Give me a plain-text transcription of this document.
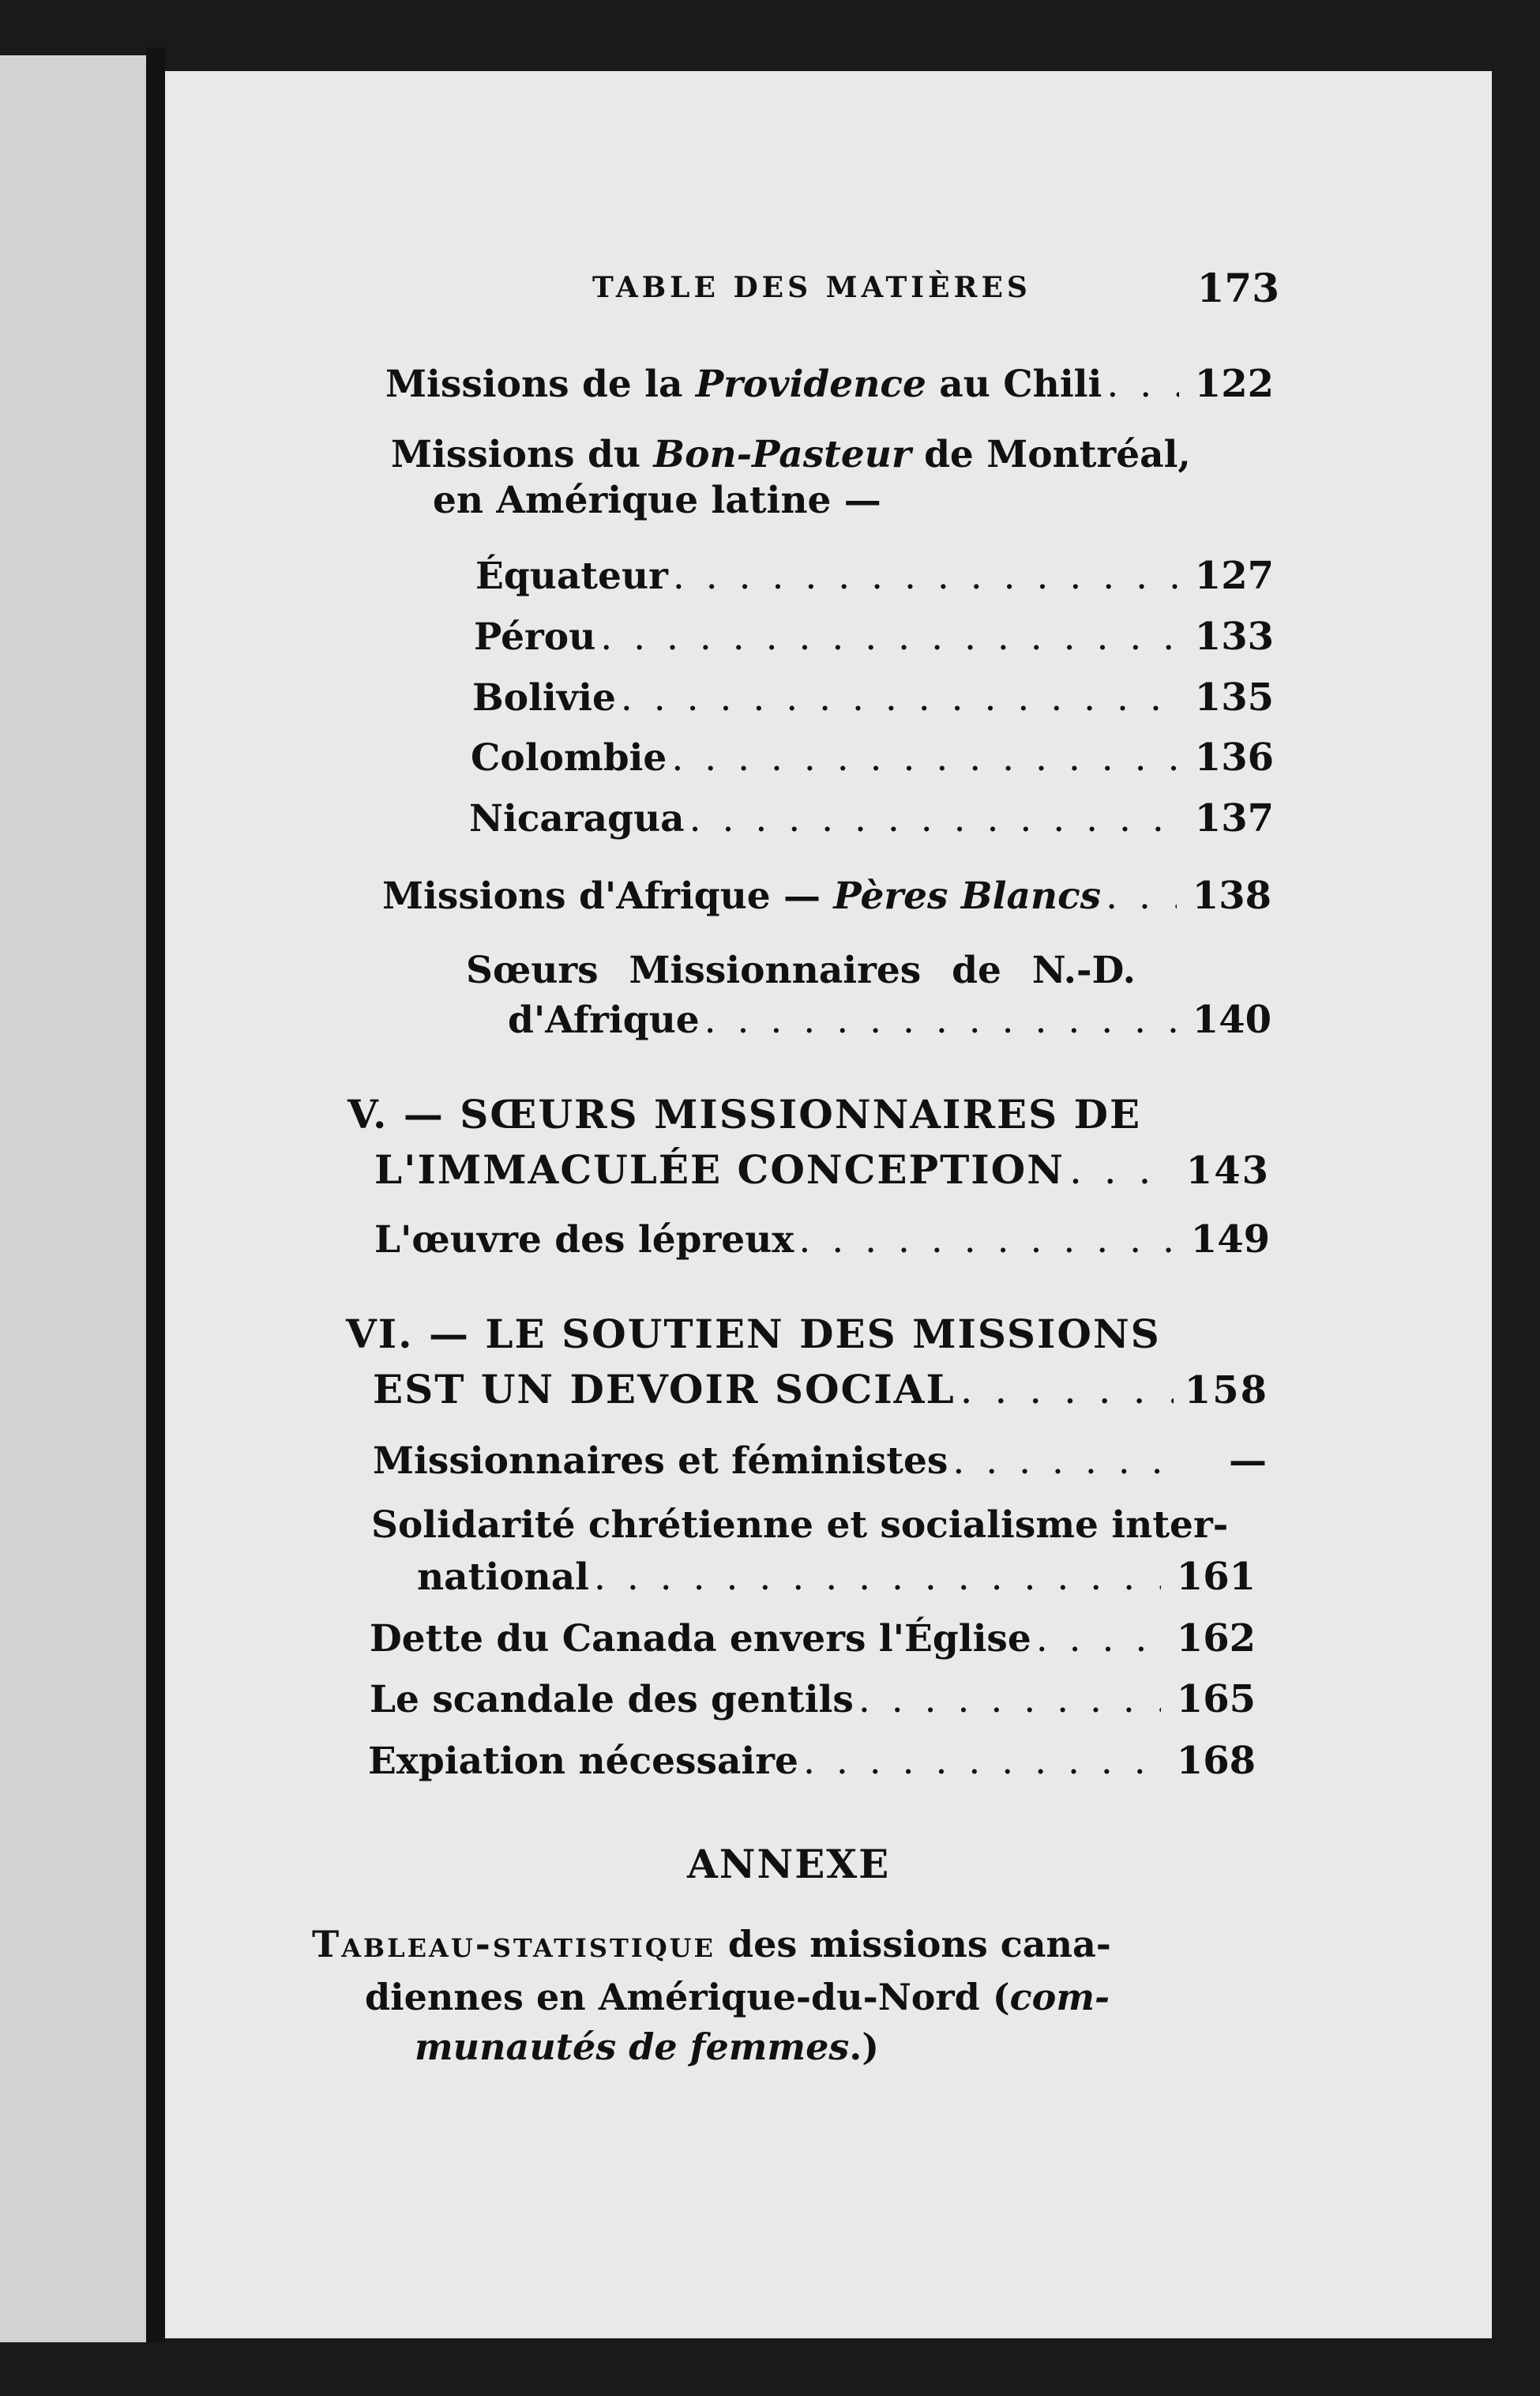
TABLE DES MATIÈRES	173
Missions de la Providence au Chili . . .	122
Missions du Bon-Pasteur de Montréal,
en Amérique latine —
Équateur . . .	127
Pérou . . .	133
Bolivie . . .	135
Colombie . . .	136
Nicaragua . . .	137
Missions d'Afrique — Pères Blancs . . .	138
Sœurs Missionnaires de N.-D.
d'Afrique . . .	140
V. — SŒURS MISSIONNAIRES DE
L'IMMACULÉE CONCEPTION . . .	143
L'œuvre des lépreux . . .	149
VI. — LE SOUTIEN DES MISSIONS
EST UN DEVOIR SOCIAL . . .	158
Missionnaires et féministes . . .	—
Solidarité chrétienne et socialisme inter-
national . . .	161
Dette du Canada envers l'Église . . .	162
Le scandale des gentils . . .	165
Expiation nécessaire . . .	168
ANNEXE
Tableau-statistique des missions cana-
diennes en Amérique-du-Nord (com-
munautés de femmes.)
